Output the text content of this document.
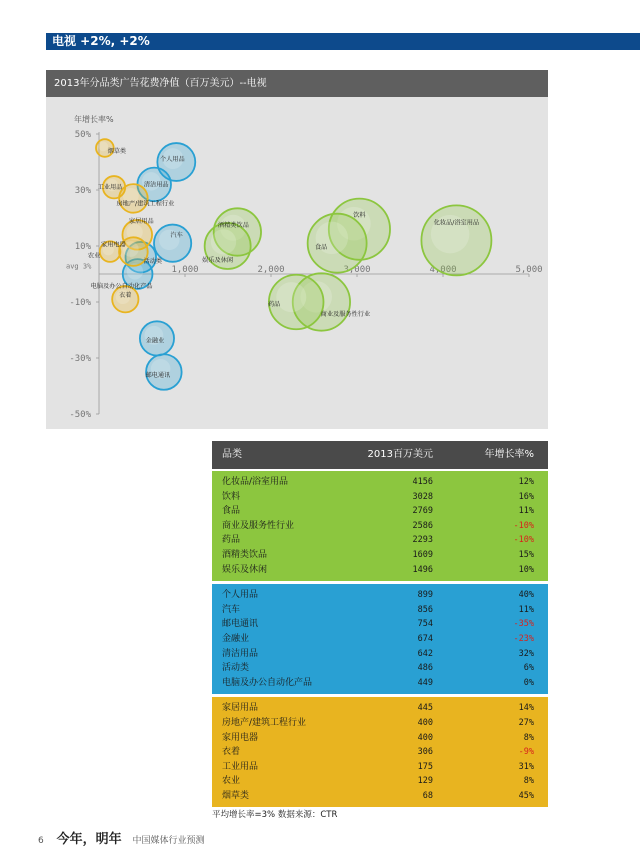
电视 +2%, +2%
50%
30%
10%
-10%
-30%
-50%
1,000	2,000	3,000	4,000	5,000
年增长率%
avg 3%
化妆品/浴室用品
饮料
食品
商业及服务性行业
药品
酒精类饮品
娱乐及休闲
个人用品
汽车
邮电通讯
金融业
清洁用品
活动类
电脑及办公自动化产品
家居用品
房地产/建筑工程行业
家用电器
衣着
工业用品
农业
烟草类
2013年分品类广告花费净值（百万美元）--电视
品类	2013百万美元	年增长率%
化妆品/浴室用品	4156	12%
饮料	3028	16%
食品	2769	11%
商业及服务性行业	2586	-10%
药品	2293	-10%
酒精类饮品	1609	15%
娱乐及休闲	1496	10%
个人用品	899	40%
汽车	856	11%
邮电通讯	754	-35%
金融业	674	-23%
清洁用品	642	32%
活动类	486	6%
电脑及办公自动化产品	449	0%
家居用品	445	14%
房地产/建筑工程行业	400	27%
家用电器	400	8%
衣着	306	-9%
工业用品	175	31%
农业	129	8%
烟草类	68	45%
平均增长率=3% 数据来源：CTR
6 今年，明年 中国媒体行业预测
